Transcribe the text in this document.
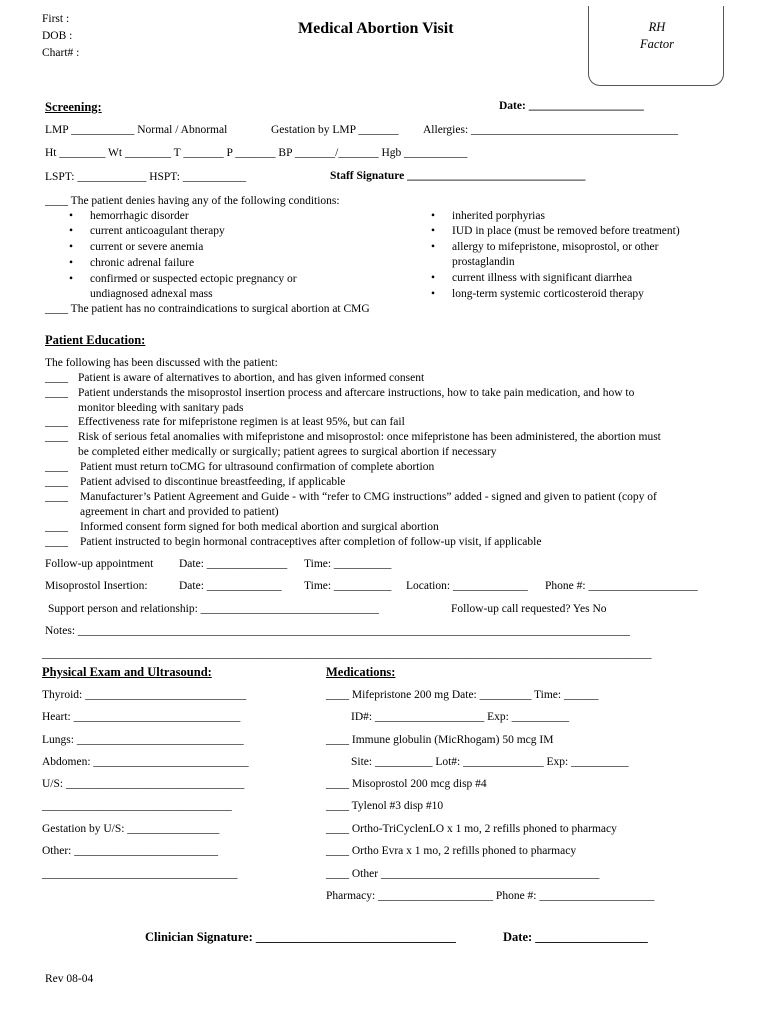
First :
DOB :
Chart# :
Medical Abortion Visit	RH
Factor
Screening:	Date: ____________________
LMP ___________ Normal / Abnormal	Gestation by LMP _______ Allergies: ____________________________________
Ht ________ Wt ________ T _______ P _______ BP _______/_______ Hgb ___________
LSPT: ____________ HSPT: ___________	Staff Signature _______________________________
____ The patient denies having any of the following conditions:
• hemorrhagic disorder
• current anticoagulant therapy
• current or severe anemia
• chronic adrenal failure
• confirmed or suspected ectopic pregnancy or
undiagnosed adnexal mass
• inherited porphyrias
• IUD in place (must be removed before treatment)
• allergy to mifepristone, misoprostol, or other
prostaglandin
• current illness with significant diarrhea
• long-term systemic corticosteroid therapy
____ The patient has no contraindications to surgical abortion at CMG
Patient Education:
The following has been discussed with the patient:
____ Patient is aware of alternatives to abortion, and has given informed consent
____ Patient understands the misoprostol insertion process and aftercare instructions, how to take pain medication, and how to
monitor bleeding with sanitary pads
____ Effectiveness rate for mifepristone regimen is at least 95%, but can fail
____ Risk of serious fetal anomalies with mifepristone and misoprostol: once mifepristone has been administered, the abortion must
be completed either medically or surgically; patient agrees to surgical abortion if necessary
____ Patient must return toCMG for ultrasound confirmation of complete abortion
____ Patient advised to discontinue breastfeeding, if applicable
____ Manufacturer’s Patient Agreement and Guide - with “refer to CMG instructions” added - signed and given to patient (copy of
agreement in chart and provided to patient)
____ Informed consent form signed for both medical abortion and surgical abortion
____ Patient instructed to begin hormonal contraceptives after completion of follow-up visit, if applicable
Follow-up appointment Date: ______________ Time: __________
Misoprostol Insertion:	Date: _____________ Time: __________ Location: _____________ Phone #: ___________________
Support person and relationship: _______________________________	Follow-up call requested? Yes No
Notes: ________________________________________________________________________________________________
__________________________________________________________________________________________________________
Physical Exam and Ultrasound:
Thyroid: ____________________________
Heart: _____________________________
Lungs: _____________________________
Abdomen: ___________________________
U/S: _______________________________
_________________________________
Gestation by U/S: ________________
Other: _________________________
__________________________________
Medications:
____ Mifepristone 200 mg Date: _________ Time: ______
ID#: ___________________ Exp: __________
____ Immune globulin (MicRhogam) 50 mcg IM
Site: __________ Lot#: ______________ Exp: __________
____ Misoprostol 200 mcg disp #4
____ Tylenol #3 disp #10
____ Ortho-TriCyclenLO x 1 mo, 2 refills phoned to pharmacy
____ Ortho Evra x 1 mo, 2 refills phoned to pharmacy
____ Other ______________________________________
Pharmacy: ____________________ Phone #: ____________________
Clinician Signature: ________________________________	Date: __________________
Rev 08-04
